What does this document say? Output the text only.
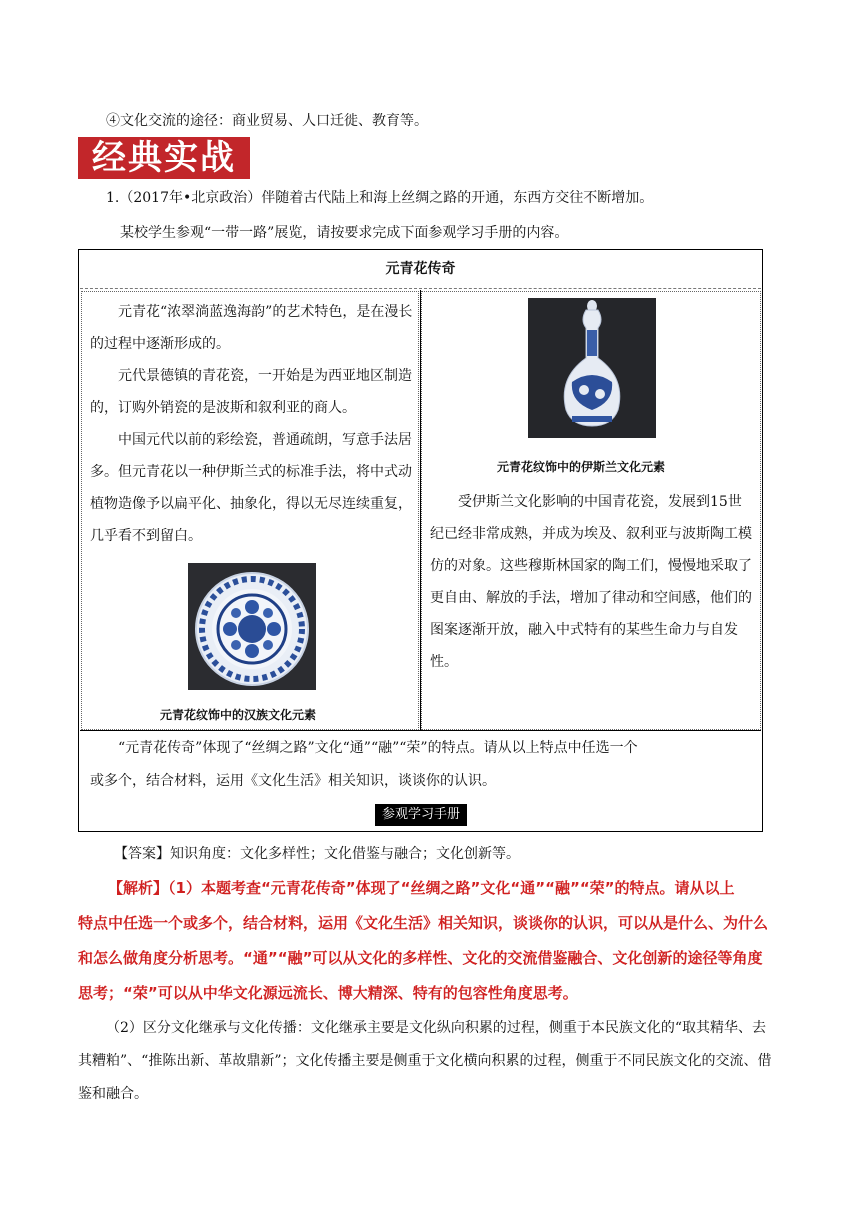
④文化交流的途径：商业贸易、人口迁徙、教育等。
经典实战
1.（2017年•北京政治）伴随着古代陆上和海上丝绸之路的开通，东西方交往不断增加。
某校学生参观“一带一路”展览，请按要求完成下面参观学习手册的内容。
元青花传奇

元青花“浓翠淌蓝逸海韵”的艺术特色，是在漫长的过程中逐渐形成的。

元代景德镇的青花瓷，一开始是为西亚地区制造的，订购外销瓷的是波斯和叙利亚的商人。

中国元代以前的彩绘瓷，普通疏朗，写意手法居多。但元青花以一种伊斯兰式的标准手法，将中式动植物造像予以扁平化、抽象化，得以无尽连续重复，几乎看不到留白。

元青花纹饰中的汉族文化元素
元青花纹饰中的伊斯兰文化元素

受伊斯兰文化影响的中国青花瓷，发展到15世纪已经非常成熟，并成为埃及、叙利亚与波斯陶工模仿的对象。这些穆斯林国家的陶工们，慢慢地采取了更自由、解放的手法，增加了律动和空间感，他们的图案逐渐开放，融入中式特有的某些生命力与自发性。

“元青花传奇”体现了“丝绸之路”文化“通”“融”“荣”的特点。请从以上特点中任选一个
或多个，结合材料，运用《文化生活》相关知识，谈谈你的认识。
参观学习手册
【答案】知识角度：文化多样性；文化借鉴与融合；文化创新等。
【解析】（1）本题考查“元青花传奇”体现了“丝绸之路”文化“通”“融”“荣”的特点。请从以上
特点中任选一个或多个，结合材料，运用《文化生活》相关知识，谈谈你的认识，可以从是什么、为什么
和怎么做角度分析思考。“通”“融”可以从文化的多样性、文化的交流借鉴融合、文化创新的途径等角度
思考；“荣”可以从中华文化源远流长、博大精深、特有的包容性角度思考。

（2）区分文化继承与文化传播：文化继承主要是文化纵向积累的过程，侧重于本民族文化的“取其精华、去其糟粕”、“推陈出新、革故鼎新”；文化传播主要是侧重于文化横向积累的过程，侧重于不同民族文化的交流、借鉴和融合。
